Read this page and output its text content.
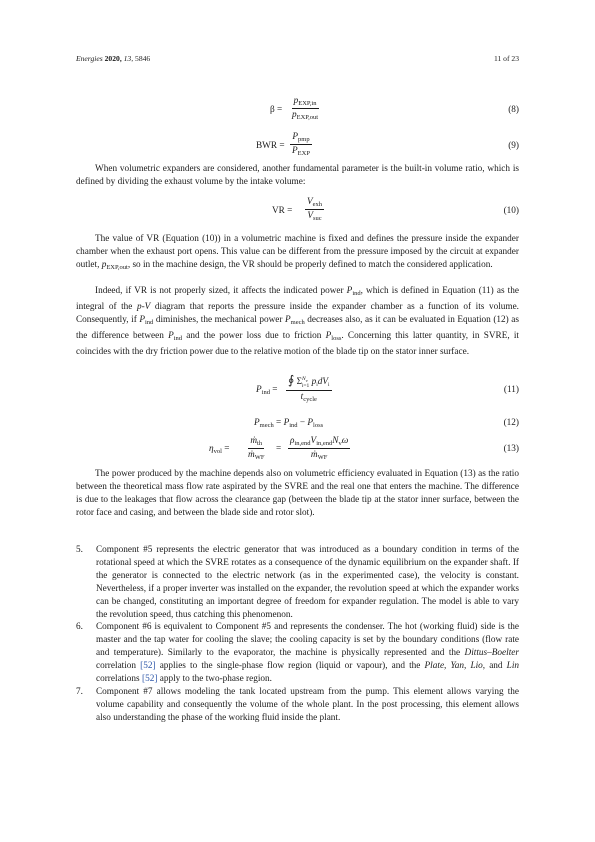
Energies 2020, 13, 5846	11 of 23
β =
$p_{EXP,in}$
$p_{EXP,out}$
(8)
BWR =
$P_{pmp}$
$P_{EXP}$
(9)

When volumetric expanders are considered, another fundamental parameter is the built-in volume ratio, which is defined by dividing the exhaust volume by the intake volume:

VR =
$V_{exh}$
$V_{suc}$
(10)

The value of VR (Equation (10)) in a volumetric machine is fixed and defines the pressure inside the expander chamber when the exhaust port opens. This value can be different from the pressure imposed by the circuit at expander outlet, $p_{EXP,out}$, so in the machine design, the VR should be properly defined to match the considered application.

Indeed, if VR is not properly sized, it affects the indicated power $P_{ind}$, which is defined in Equation (11) as the integral of the p-V diagram that reports the pressure inside the expander chamber as a function of its volume. Consequently, if $P_{ind}$ diminishes, the mechanical power $P_{mech}$ decreases also, as it can be evaluated in Equation (12) as the difference between $P_{ind}$ and the power loss due to friction $P_{loss}$. Concerning this latter quantity, in SVRE, it coincides with the dry friction power due to the relative motion of the blade tip on the stator inner surface.

$P_{ind}$ =
∮ $\Sigma^{N_v}_{i=1}$ $p_idV_i$
$t_{cycle}$
(11)
$P_{mech} = P_{ind} - P_{loss}$	(12)
$\eta_{vol}$ =
ṁ$_{th}$
ṁ$_{WF}$
=
$\rho_{in,end}V_{in,end}N_v\omega$
ṁ$_{WF}$
(13)

The power produced by the machine depends also on volumetric efficiency evaluated in Equation (13) as the ratio between the theoretical mass flow rate aspirated by the SVRE and the real one that enters the machine. The difference is due to the leakages that flow across the clearance gap (between the blade tip at the stator inner surface, between the rotor face and casing, and between the blade side and rotor slot).

5. Component #5 represents the electric generator that was introduced as a boundary condition in terms of the rotational speed at which the SVRE rotates as a consequence of the dynamic equilibrium on the expander shaft. If the generator is connected to the electric network (as in the experimented case), the velocity is constant. Nevertheless, if a proper inverter was installed on the expander, the revolution speed at which the expander works can be changed, constituting an important degree of freedom for expander regulation. The model is able to vary the revolution speed, thus catching this phenomenon.
6. Component #6 is equivalent to Component #5 and represents the condenser. The hot (working fluid) side is the master and the tap water for cooling the slave; the cooling capacity is set by the boundary conditions (flow rate and temperature). Similarly to the evaporator, the machine is physically represented and the Dittus–Boelter correlation [52] applies to the single-phase flow region (liquid or vapour), and the Plate, Yan, Lio, and Lin correlations [52] apply to the two-phase region.
7. Component #7 allows modeling the tank located upstream from the pump. This element allows varying the volume capability and consequently the volume of the whole plant. In the post processing, this element allows also understanding the phase of the working fluid inside the plant.
